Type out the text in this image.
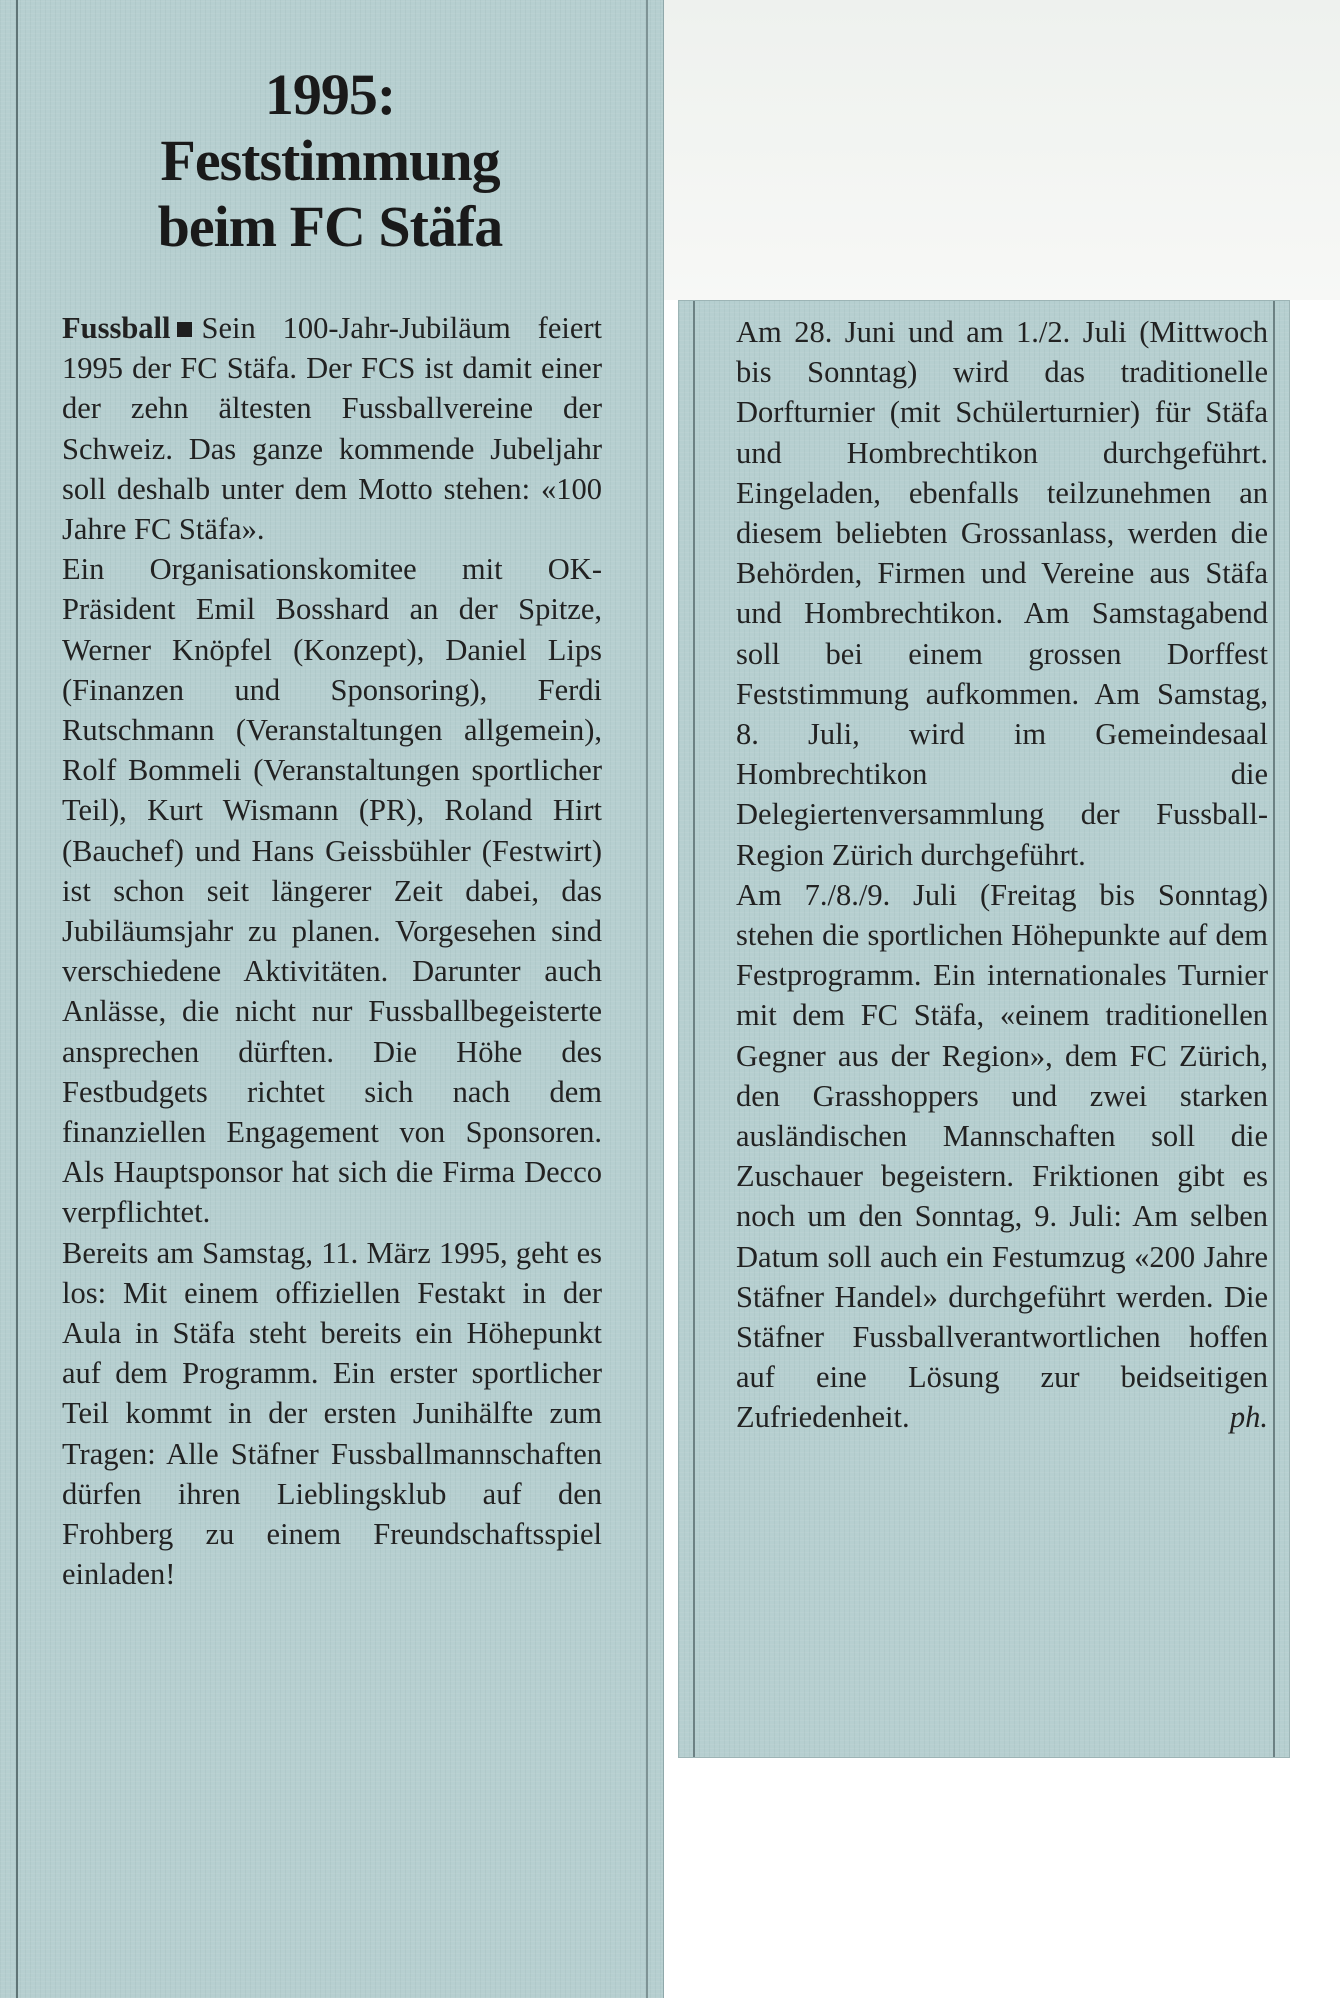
1995:
Feststimmung
beim FC Stäfa

Fussball Sein 100-Jahr-Jubiläum feiert 1995 der FC Stäfa. Der FCS ist damit einer der zehn ältesten Fussballvereine der Schweiz. Das ganze kommende Jubeljahr soll deshalb unter dem Motto stehen: «100 Jahre FC Stäfa».

Ein Organisationskomitee mit OK-Präsident Emil Bosshard an der Spitze, Werner Knöpfel (Konzept), Daniel Lips (Finanzen und Sponsoring), Ferdi Rutschmann (Veranstaltungen allgemein), Rolf Bommeli (Veranstaltungen sportlicher Teil), Kurt Wismann (PR), Roland Hirt (Bauchef) und Hans Geissbühler (Festwirt) ist schon seit längerer Zeit dabei, das Jubiläumsjahr zu planen. Vorgesehen sind verschiedene Aktivitäten. Darunter auch Anlässe, die nicht nur Fussballbegeisterte ansprechen dürften. Die Höhe des Festbudgets richtet sich nach dem finanziellen Engagement von Sponsoren. Als Hauptsponsor hat sich die Firma Decco verpflichtet.

Bereits am Samstag, 11. März 1995, geht es los: Mit einem offiziellen Festakt in der Aula in Stäfa steht bereits ein Höhepunkt auf dem Programm. Ein erster sportlicher Teil kommt in der ersten Junihälfte zum Tragen: Alle Stäfner Fussballmannschaften dürfen ihren Lieblingsklub auf den Frohberg zu einem Freundschaftsspiel einladen!

Am 28. Juni und am 1./2. Juli (Mittwoch bis Sonntag) wird das traditionelle Dorfturnier (mit Schülerturnier) für Stäfa und Hombrechtikon durchgeführt. Eingeladen, ebenfalls teilzunehmen an diesem beliebten Grossanlass, werden die Behörden, Firmen und Vereine aus Stäfa und Hombrechtikon. Am Samstagabend soll bei einem grossen Dorffest Feststimmung aufkommen. Am Samstag, 8. Juli, wird im Gemeindesaal Hombrechtikon die Delegiertenversammlung der Fussball-Region Zürich durchgeführt.

Am 7./8./9. Juli (Freitag bis Sonntag) stehen die sportlichen Höhepunkte auf dem Festprogramm. Ein internationales Turnier mit dem FC Stäfa, «einem traditionellen Gegner aus der Region», dem FC Zürich, den Grasshoppers und zwei starken ausländischen Mannschaften soll die Zuschauer begeistern. Friktionen gibt es noch um den Sonntag, 9. Juli: Am selben Datum soll auch ein Festumzug «200 Jahre Stäfner Handel» durchgeführt werden. Die Stäfner Fussballverantwortlichen hoffen auf eine Lösung zur beidseitigen Zufriedenheit.	ph.
